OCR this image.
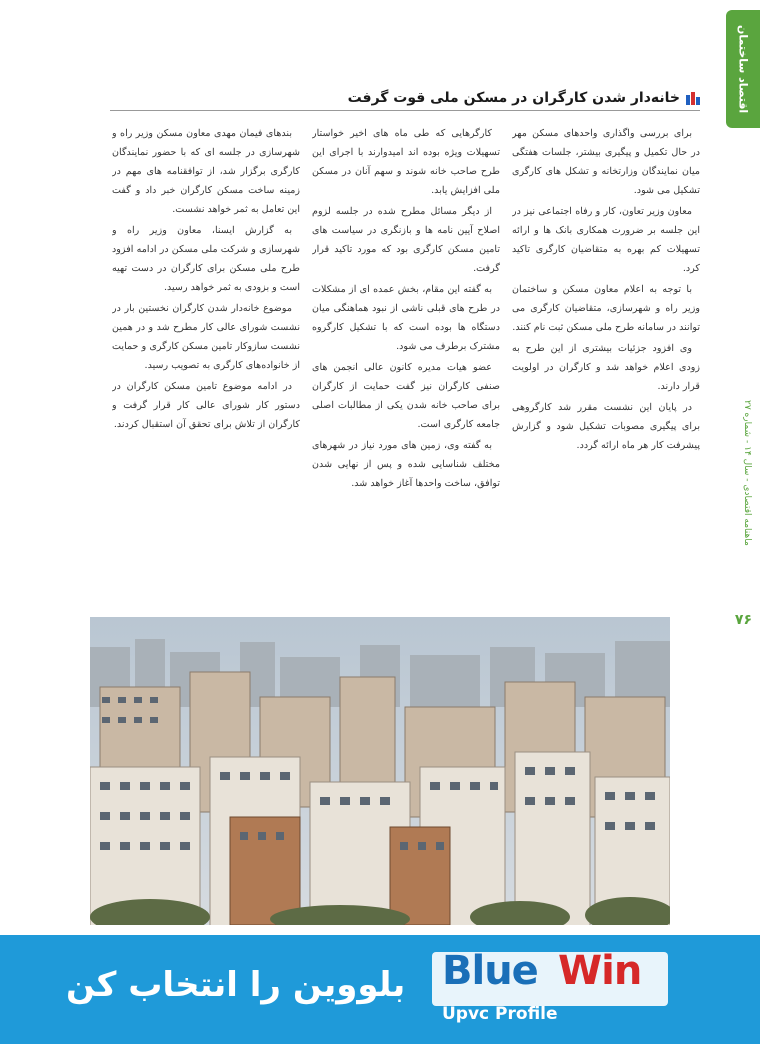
اقتصاد ساختمان
ماهنامه اقتصادی - سال ۱۴ - شماره ۲۷
۷۶
خانه‌دار شدن کارگران در مسکن ملی قوت گرفت

بندهای فیمان مهدی معاون مسکن وزیر راه و شهرسازی در جلسه ای که با حضور نمایندگان کارگری برگزار شد، از توافقنامه های مهم در زمینه ساخت مسکن کارگران خبر داد و گفت این تعامل به ثمر خواهد نشست.

به گزارش ایسنا، معاون وزیر راه و شهرسازی و شرکت ملی مسکن در ادامه افزود طرح ملی مسکن برای کارگران در دست تهیه است و بزودی به ثمر خواهد رسید.

موضوع خانه‌دار شدن کارگران نخستین بار در نشست شورای عالی کار مطرح شد و در همین نشست سازوکار تامین مسکن کارگری و حمایت از خانواده‌های کارگری به تصویب رسید.

در ادامه موضوع تامین مسکن کارگران در دستور کار شورای عالی کار قرار گرفت و کارگران از تلاش برای تحقق آن استقبال کردند.

کارگرهایی که طی ماه های اخیر خواستار تسهیلات ویژه بوده اند امیدوارند با اجرای این طرح صاحب خانه شوند و سهم آنان در مسکن ملی افزایش یابد.

از دیگر مسائل مطرح شده در جلسه لزوم اصلاح آیین نامه ها و بازنگری در سیاست های تامین مسکن کارگری بود که مورد تاکید قرار گرفت.

به گفته این مقام، بخش عمده ای از مشکلات در طرح های قبلی ناشی از نبود هماهنگی میان دستگاه ها بوده است که با تشکیل کارگروه مشترک برطرف می شود.

عضو هیات مدیره کانون عالی انجمن های صنفی کارگران نیز گفت حمایت از کارگران برای صاحب خانه شدن یکی از مطالبات اصلی جامعه کارگری است.

به گفته وی، زمین های مورد نیاز در شهرهای مختلف شناسایی شده و پس از نهایی شدن توافق، ساخت واحدها آغاز خواهد شد.

برای بررسی واگذاری واحدهای مسکن مهر در حال تکمیل و پیگیری بیشتر، جلسات هفتگی میان نمایندگان وزارتخانه و تشکل های کارگری تشکیل می شود.

معاون وزیر تعاون، کار و رفاه اجتماعی نیز در این جلسه بر ضرورت همکاری بانک ها و ارائه تسهیلات کم بهره به متقاضیان کارگری تاکید کرد.

با توجه به اعلام معاون مسکن و ساختمان وزیر راه و شهرسازی، متقاضیان کارگری می توانند در سامانه طرح ملی مسکن ثبت نام کنند.

وی افزود جزئیات بیشتری از این طرح به زودی اعلام خواهد شد و کارگران در اولویت قرار دارند.

در پایان این نشست مقرر شد کارگروهی برای پیگیری مصوبات تشکیل شود و گزارش پیشرفت کار هر ماه ارائه گردد.

بلووین را انتخاب کن Blue Win
Upvc Profile
